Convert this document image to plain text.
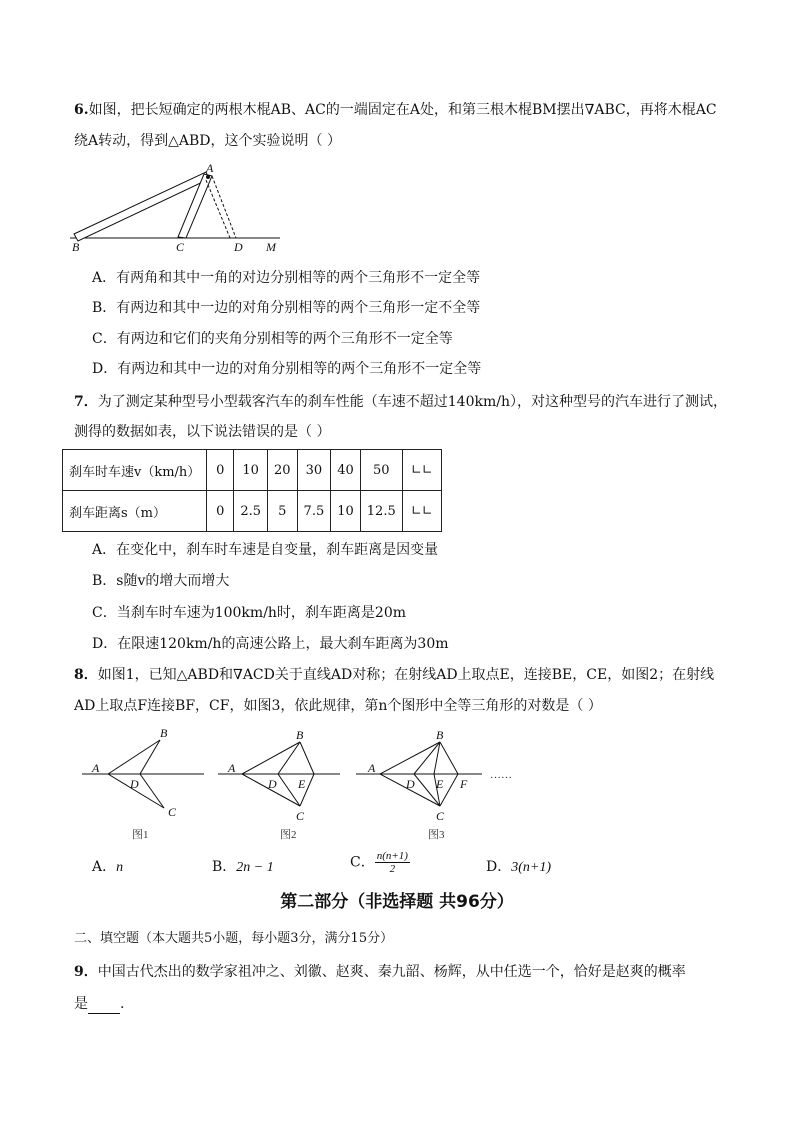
6.如图，把长短确定的两根木棍AB、AC的一端固定在A处，和第三根木棍BM摆出∇ABC，再将木棍AC
绕A转动，得到△ABD，这个实验说明（ ）
A
B	C	D M
A．有两角和其中一角的对边分别相等的两个三角形不一定全等
B．有两边和其中一边的对角分别相等的两个三角形一定不全等
C．有两边和它们的夹角分别相等的两个三角形不一定全等
D．有两边和其中一边的对角分别相等的两个三角形不一定全等
7．为了测定某种型号小型载客汽车的刹车性能（车速不超过140km/h），对这种型号的汽车进行了测试，
测得的数据如表，以下说法错误的是（ ）
刹车时车速v（km/h）	0	10	20	30	40	50	∟∟
刹车距离s（m）	0	2.5	5	7.5	10	12.5	∟∟
A．在变化中，刹车时车速是自变量，刹车距离是因变量
B．s随v的增大而增大
C．当刹车时车速为100km/h时，刹车距离是20m
D．在限速120km/h的高速公路上，最大刹车距离为30m
8．如图1，已知△ABD和∇ACD关于直线AD对称；在射线AD上取点E，连接BE，CE，如图2；在射线
AD上取点F连接BF，CF，如图3，依此规律，第n个图形中全等三角形的对数是（ ）
A
B
D
C
图1
A
B
D E
C
图2
A
B
D E F
C
图3
……
A．n	B．2n − 1	C． $\frac{n(n+1)}{2}$	D．3(n+1)
第二部分（非选择题 共96分）
二、填空题（本大题共5小题，每小题3分，满分15分）
9．中国古代杰出的数学家祖冲之、刘徽、赵爽、秦九韶、杨辉，从中任选一个，恰好是赵爽的概率
是 .
